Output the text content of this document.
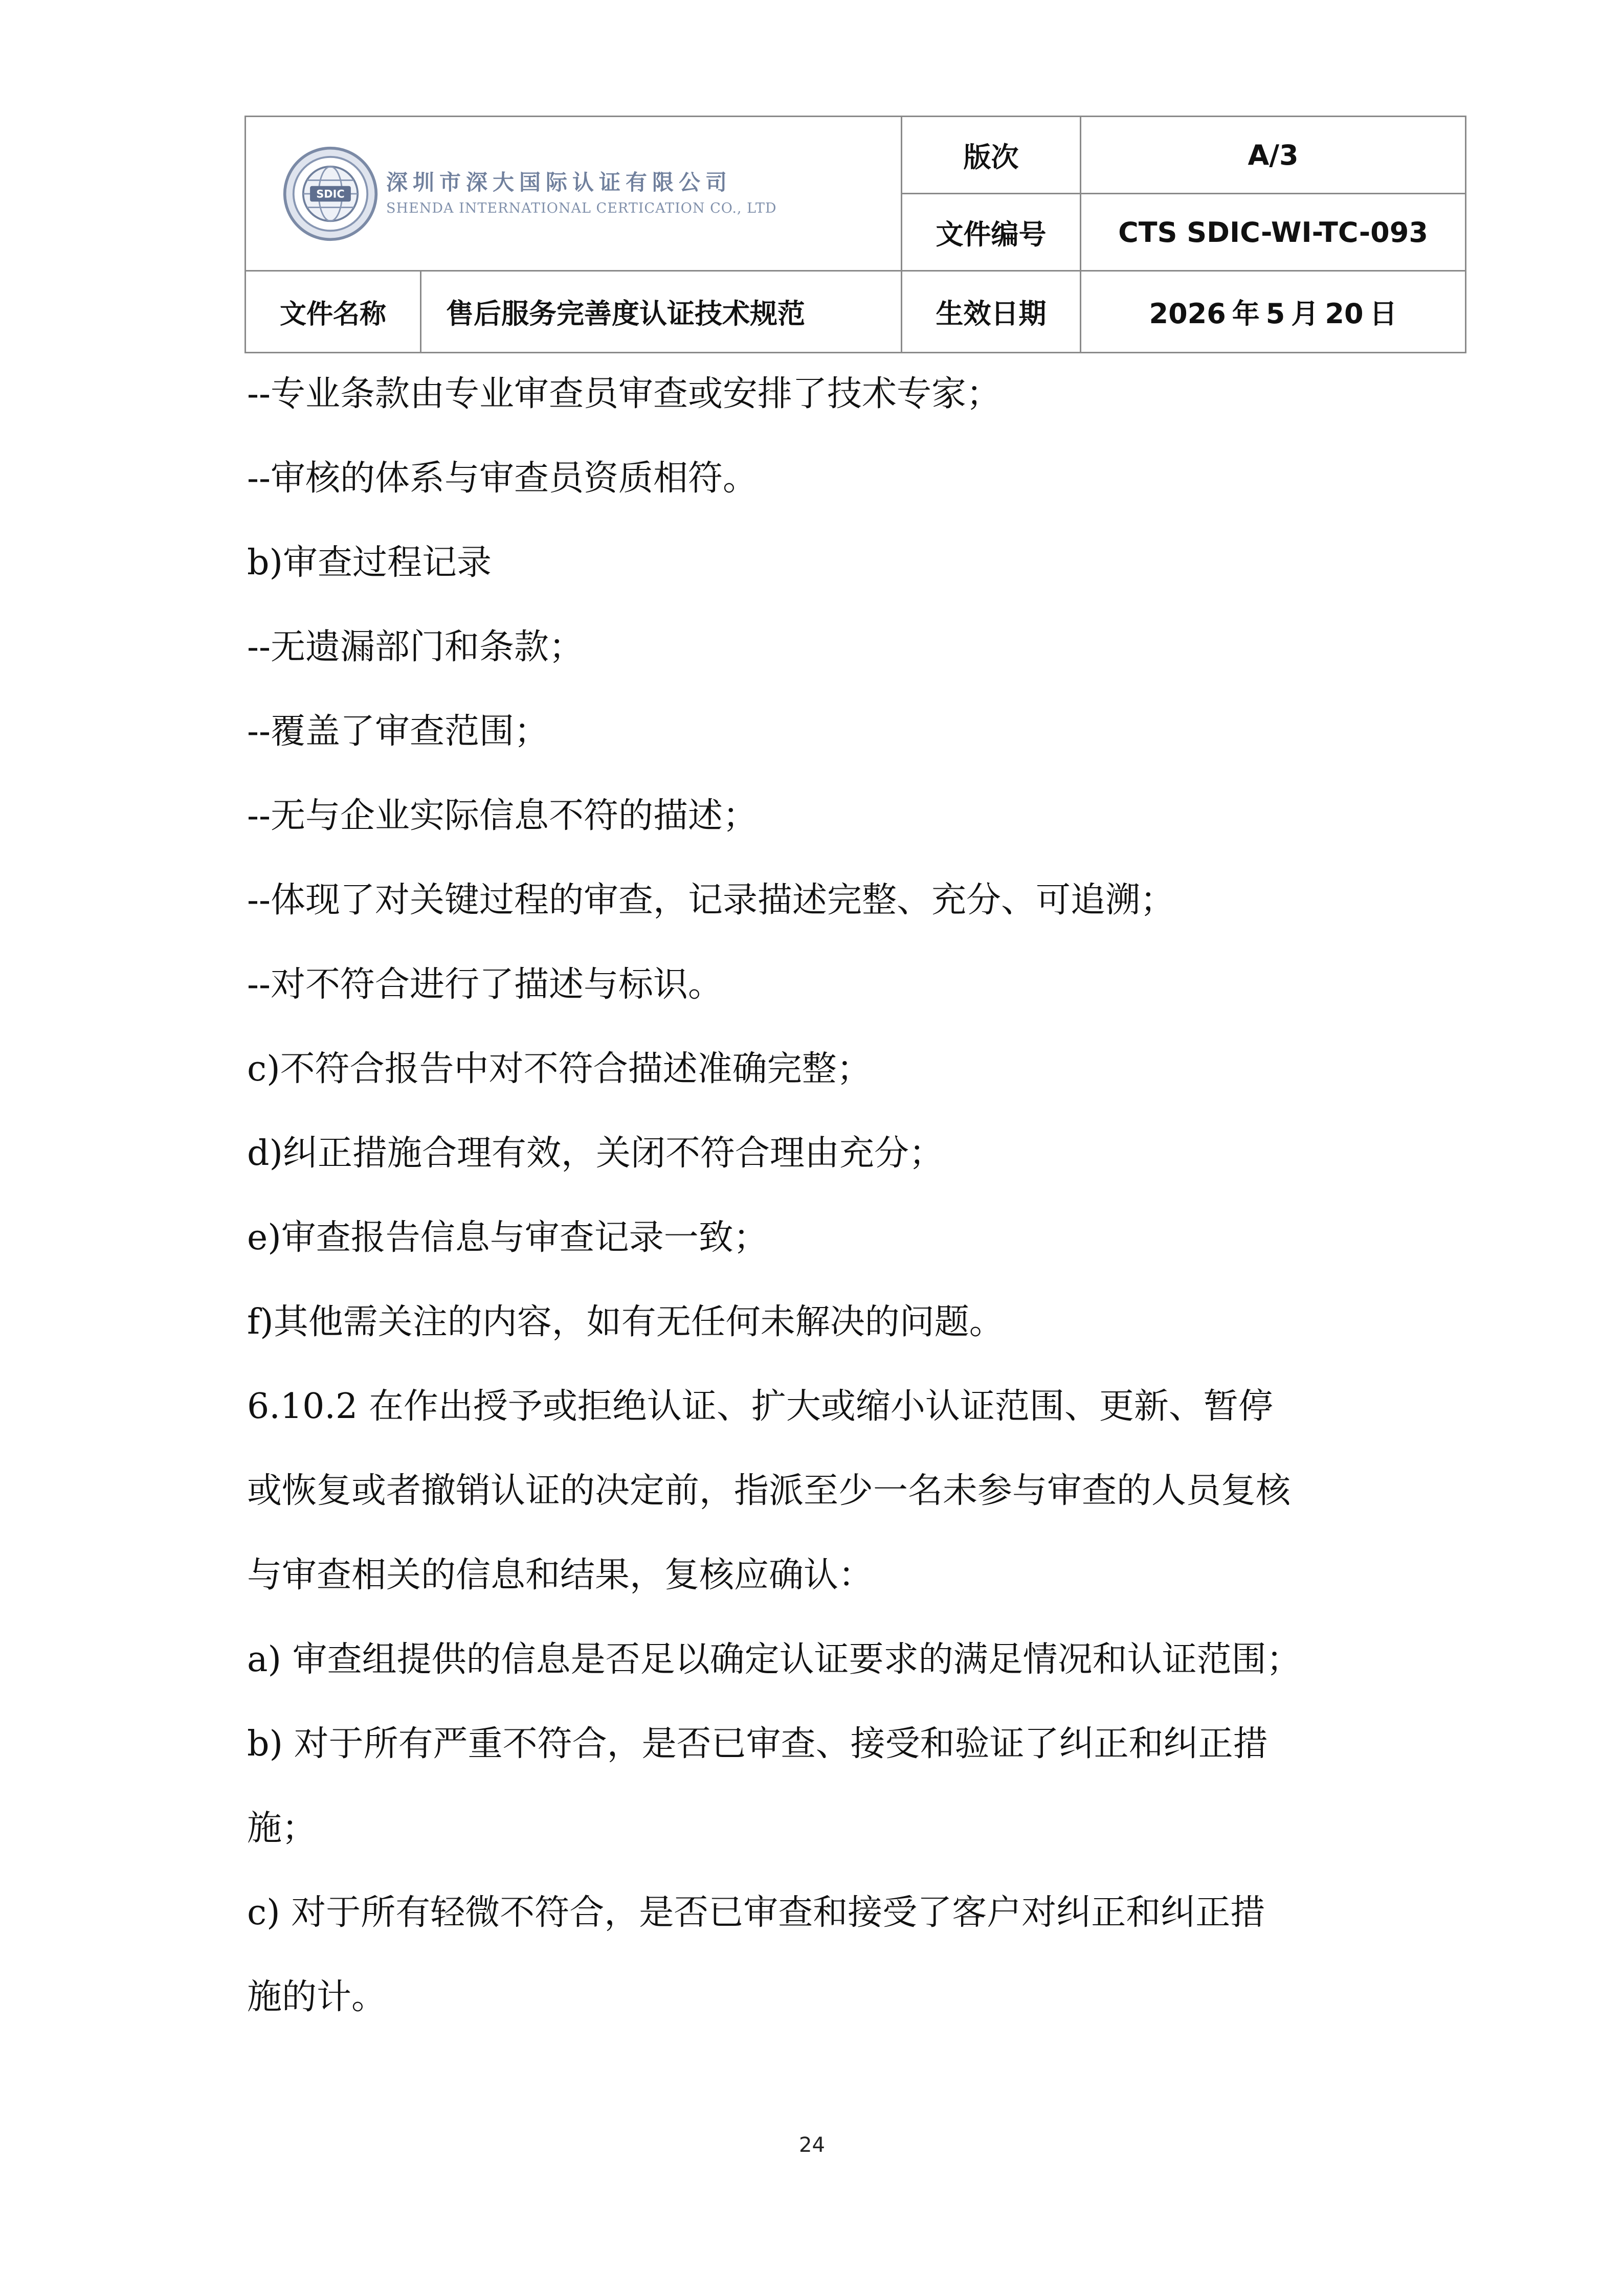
SDIC 深圳市深大国际认证有限公司
SHENDA INTERNATIONAL CERTICATION CO., LTD		版次	A/3
		文件编号	CTS SDIC-WI-TC-093
文件名称	售后服务完善度认证技术规范	生效日期	2026 年 5 月 20 日
--专业条款由专业审查员审查或安排了技术专家；
--审核的体系与审查员资质相符。
b)审查过程记录
--无遗漏部门和条款；
--覆盖了审查范围；
--无与企业实际信息不符的描述；
--体现了对关键过程的审查，记录描述完整、充分、可追溯；
--对不符合进行了描述与标识。
c)不符合报告中对不符合描述准确完整；
d)纠正措施合理有效，关闭不符合理由充分；
e)审查报告信息与审查记录一致；
f)其他需关注的内容，如有无任何未解决的问题。
6.10.2 在作出授予或拒绝认证、扩大或缩小认证范围、更新、暂停
或恢复或者撤销认证的决定前，指派至少一名未参与审查的人员复核
与审查相关的信息和结果，复核应确认：
a) 审查组提供的信息是否足以确定认证要求的满足情况和认证范围；
b) 对于所有严重不符合，是否已审查、接受和验证了纠正和纠正措
施；
c) 对于所有轻微不符合，是否已审查和接受了客户对纠正和纠正措
施的计。
24
